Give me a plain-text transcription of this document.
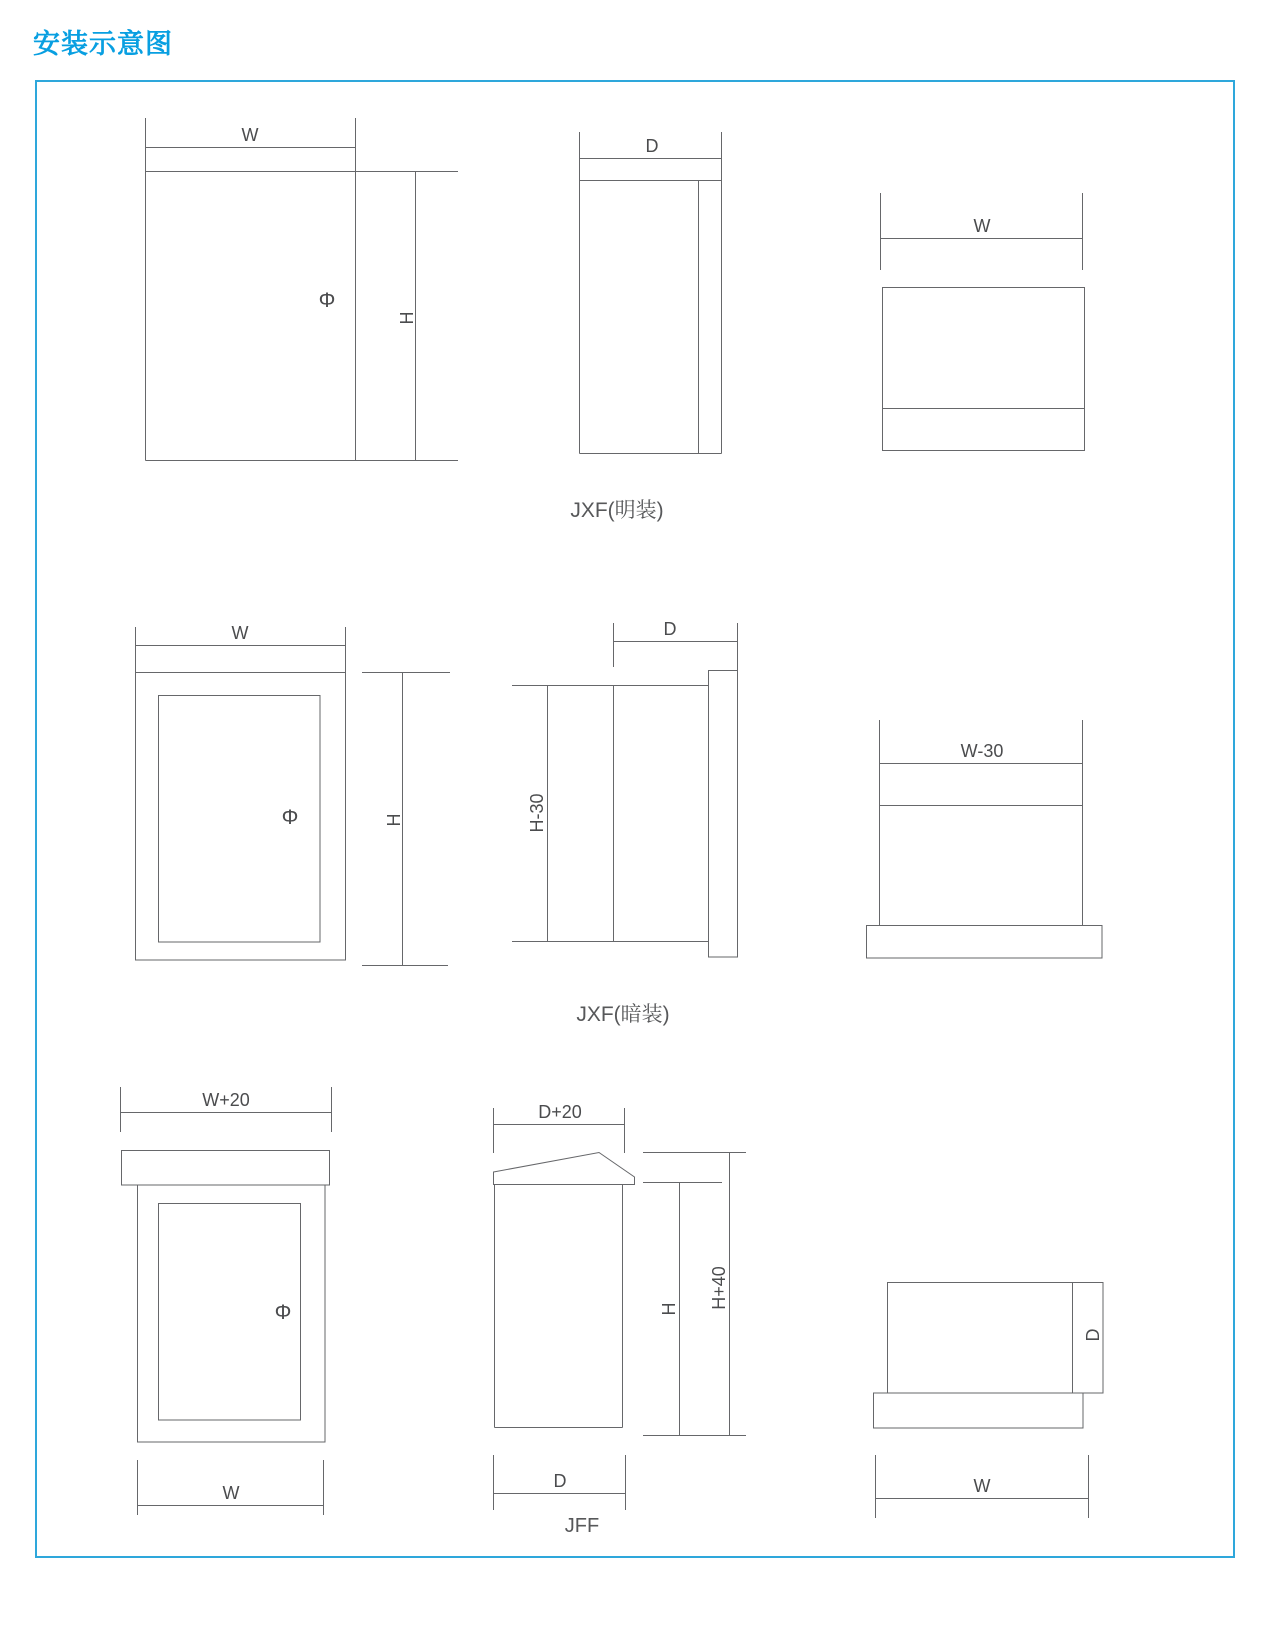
安装示意图
W
H
Φ
D
W
JXF(明装)
W
Φ	H
D
H-30
W-30
JXF(暗装)
W+20
Φ
W
D+20
H H+40
D
D
W
JFF
